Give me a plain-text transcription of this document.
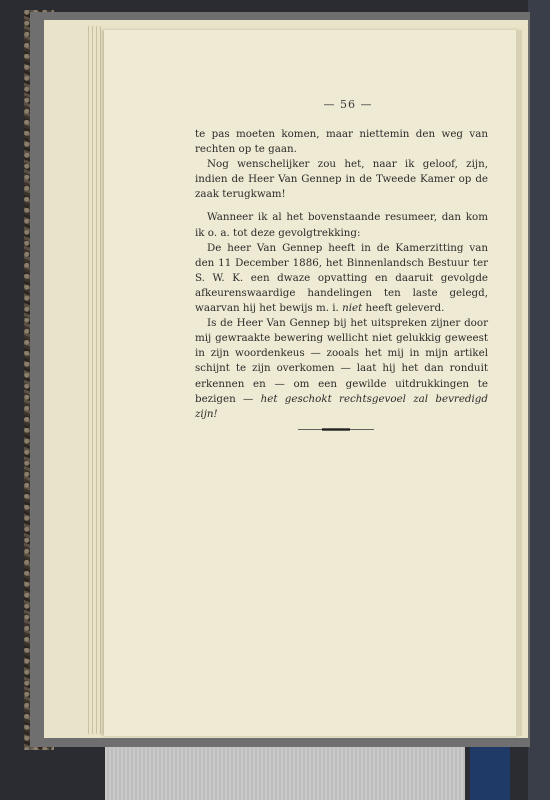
— 56 —

te pas moeten komen, maar niettemin den weg van rechten op te gaan.

Nog wenschelijker zou het, naar ik geloof, zijn, indien de Heer Van Gennep in de Tweede Kamer op de zaak terugkwam!

Wanneer ik al het bovenstaande resumeer, dan kom ik o. a. tot deze gevolgtrekking:

De heer Van Gennep heeft in de Kamerzitting van den 11 December 1886, het Binnenlandsch Bestuur ter S. W. K. een dwaze opvatting en daaruit gevolgde afkeurenswaardige handelingen ten laste gelegd, waarvan hij het bewijs m. i. niet heeft geleverd.

Is de Heer Van Gennep bij het uitspreken zijner door mij gewraakte bewering wellicht niet gelukkig geweest in zijn woordenkeus — zooals het mij in mijn artikel schijnt te zijn overkomen — laat hij het dan ronduit erkennen en — om een gewilde uitdrukkingen te bezigen — het geschokt rechtsgevoel zal bevredigd zijn!
